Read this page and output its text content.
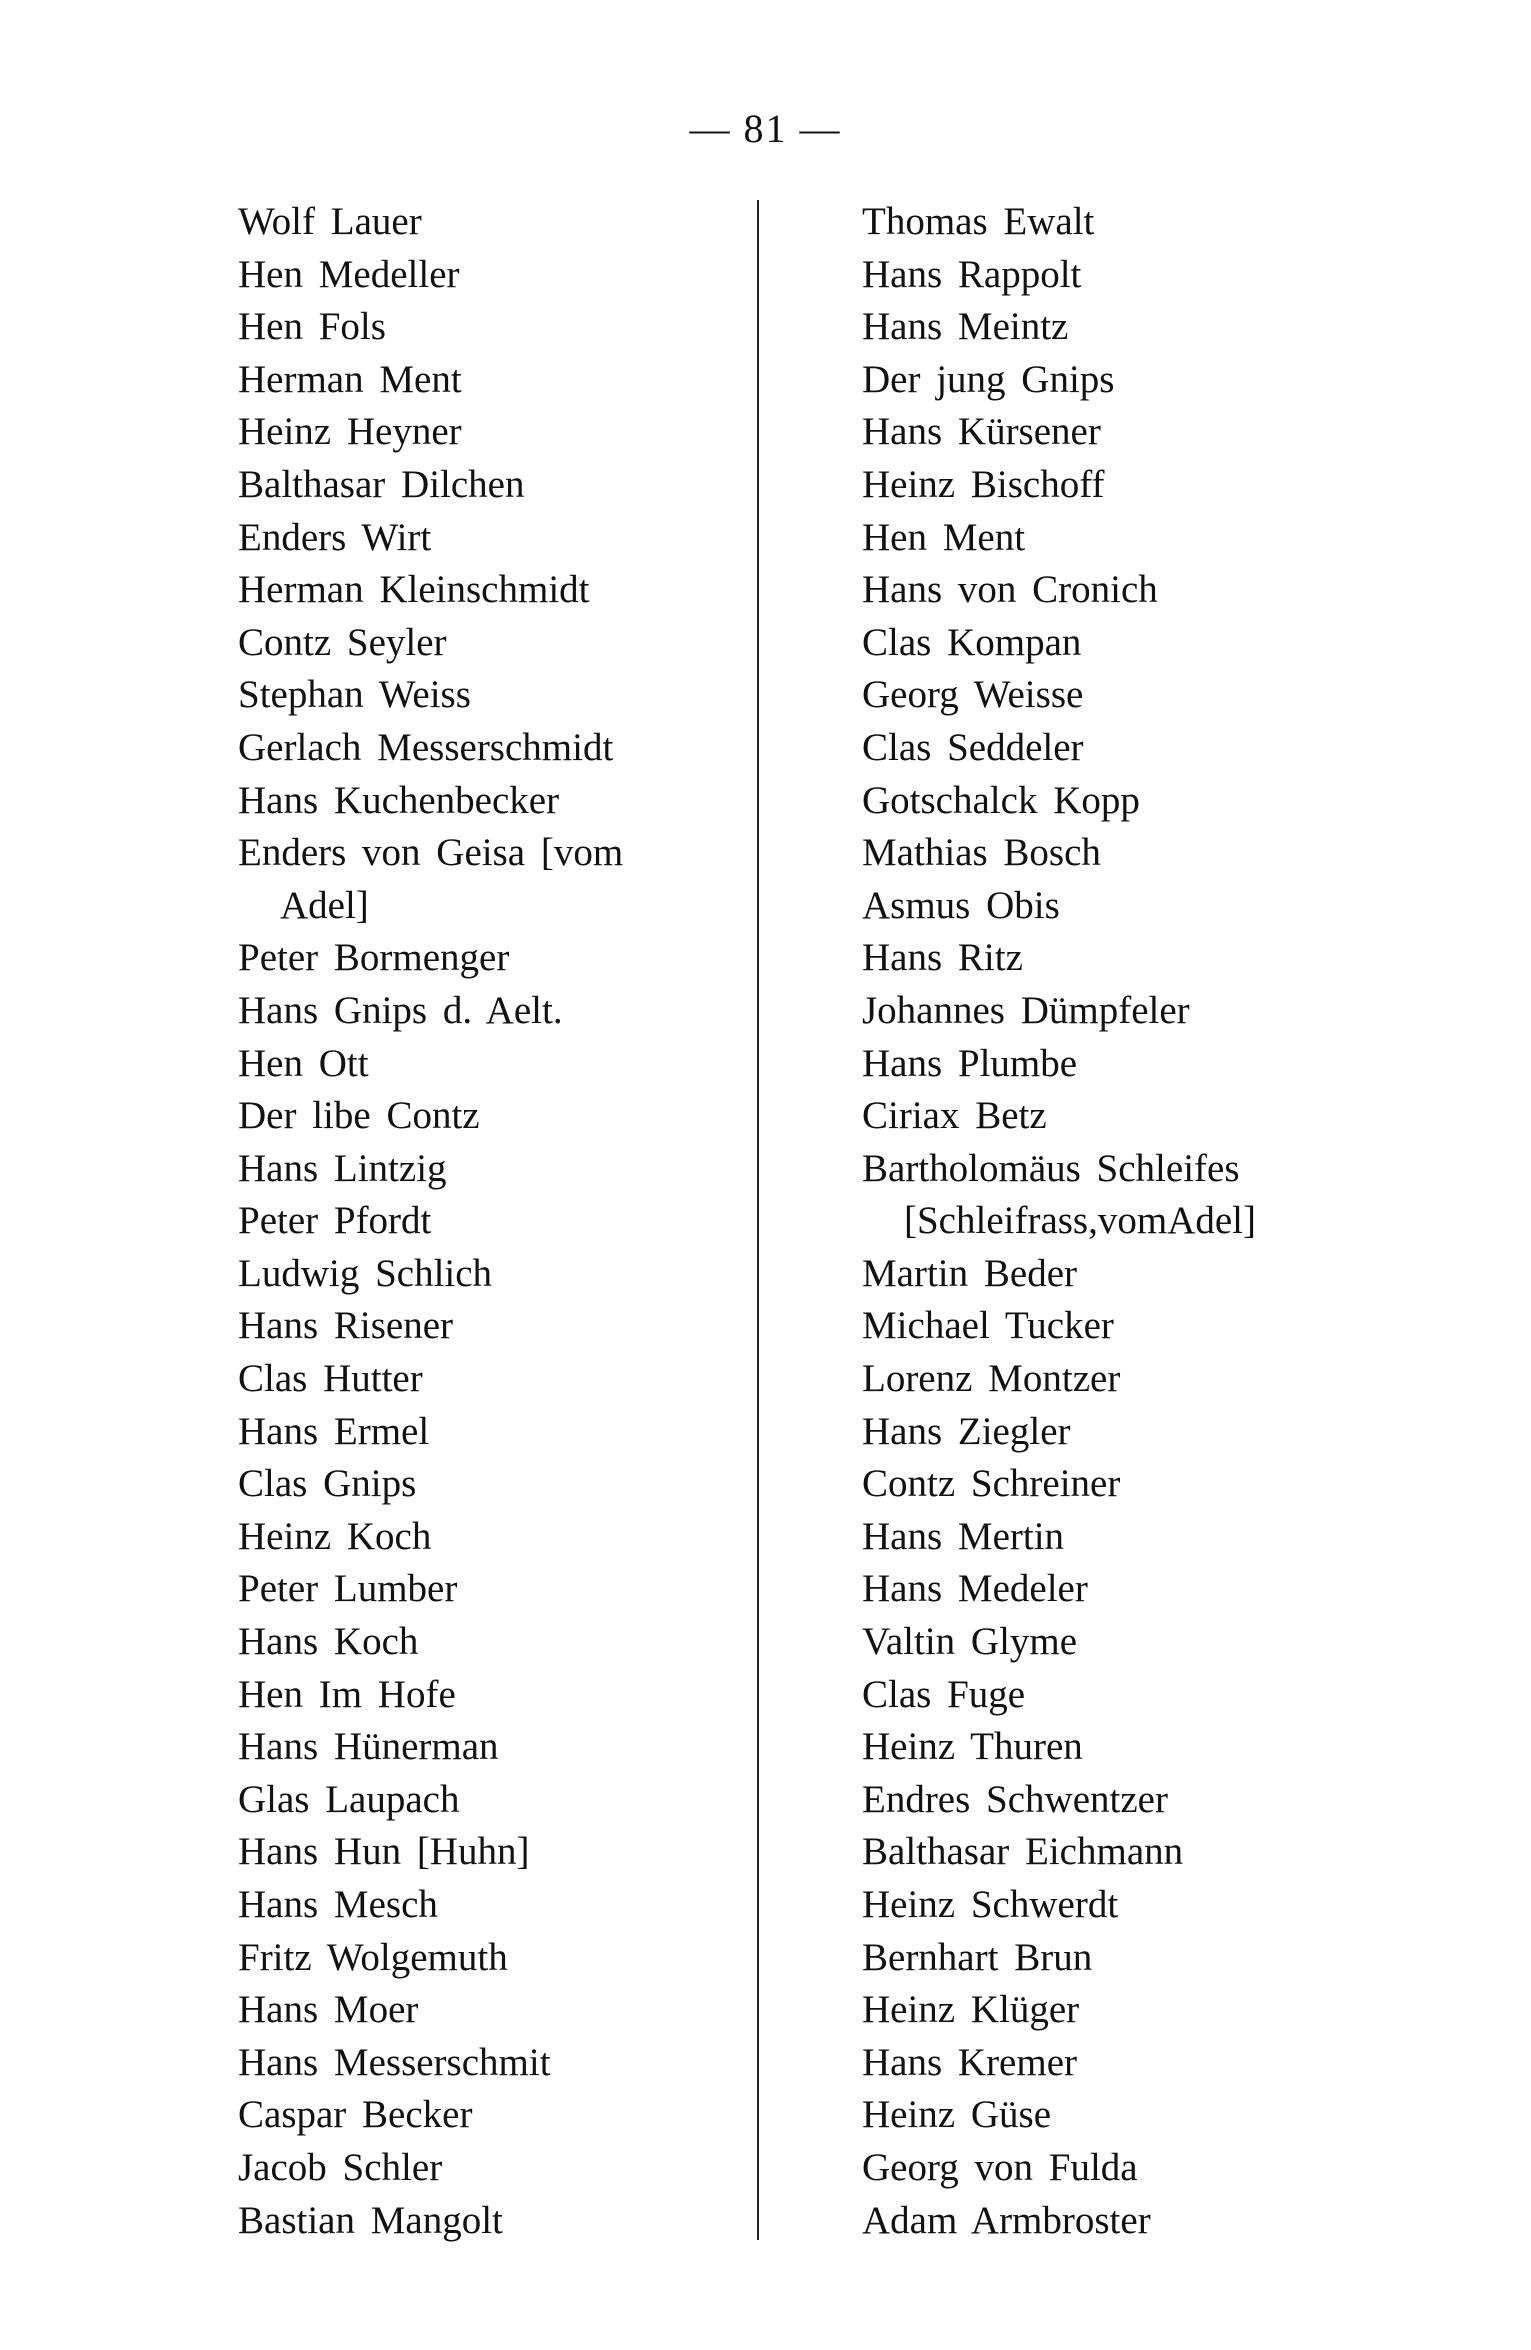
— 81 —
Wolf Lauer
Hen Medeller
Hen Fols
Herman Ment
Heinz Heyner
Balthasar Dilchen
Enders Wirt
Herman Kleinschmidt
Contz Seyler
Stephan Weiss
Gerlach Messerschmidt
Hans Kuchenbecker
Enders von Geisa [vom
Adel]
Peter Bormenger
Hans Gnips d. Aelt.
Hen Ott
Der libe Contz
Hans Lintzig
Peter Pfordt
Ludwig Schlich
Hans Risener
Clas Hutter
Hans Ermel
Clas Gnips
Heinz Koch
Peter Lumber
Hans Koch
Hen Im Hofe
Hans Hünerman
Glas Laupach
Hans Hun [Huhn]
Hans Mesch
Fritz Wolgemuth
Hans Moer
Hans Messerschmit
Caspar Becker
Jacob Schler
Bastian Mangolt
Thomas Ewalt
Hans Rappolt
Hans Meintz
Der jung Gnips
Hans Kürsener
Heinz Bischoff
Hen Ment
Hans von Cronich
Clas Kompan
Georg Weisse
Clas Seddeler
Gotschalck Kopp
Mathias Bosch
Asmus Obis
Hans Ritz
Johannes Dümpfeler
Hans Plumbe
Ciriax Betz
Bartholomäus Schleifes
[Schleifrass,vomAdel]
Martin Beder
Michael Tucker
Lorenz Montzer
Hans Ziegler
Contz Schreiner
Hans Mertin
Hans Medeler
Valtin Glyme
Clas Fuge
Heinz Thuren
Endres Schwentzer
Balthasar Eichmann
Heinz Schwerdt
Bernhart Brun
Heinz Klüger
Hans Kremer
Heinz Güse
Georg von Fulda
Adam Armbroster
